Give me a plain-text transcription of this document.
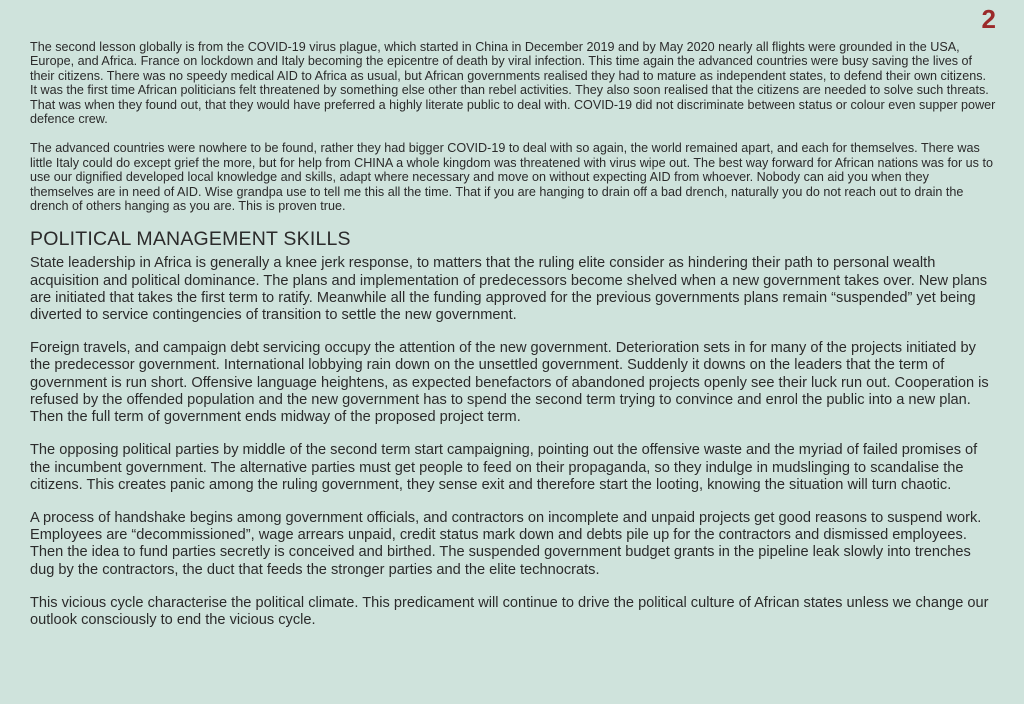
2

The second lesson globally is from the COVID-19 virus plague, which started in China in December 2019 and by May 2020 nearly all flights were grounded in the USA, Europe, and Africa. France on lockdown and Italy becoming the epicentre of death by viral infection. This time again the advanced countries were busy saving the lives of their citizens. There was no speedy medical AID to Africa as usual, but African governments realised they had to mature as independent states, to defend their own citizens. It was the first time African politicians felt threatened by something else other than rebel activities. They also soon realised that the citizens are needed to solve such threats. That was when they found out, that they would have preferred a highly literate public to deal with. COVID-19 did not discriminate between status or colour even supper power defence crew.

The advanced countries were nowhere to be found, rather they had bigger COVID-19 to deal with so again, the world remained apart, and each for themselves. There was little Italy could do except grief the more, but for help from CHINA a whole kingdom was threatened with virus wipe out. The best way forward for African nations was for us to use our dignified developed local knowledge and skills, adapt where necessary and move on without expecting AID from whoever. Nobody can aid you when they themselves are in need of AID. Wise grandpa use to tell me this all the time. That if you are hanging to drain off a bad drench, naturally you do not reach out to drain the drench of others hanging as you are. This is proven true.

POLITICAL MANAGEMENT SKILLS

State leadership in Africa is generally a knee jerk response, to matters that the ruling elite consider as hindering their path to personal wealth acquisition and political dominance. The plans and implementation of predecessors become shelved when a new government takes over. New plans are initiated that takes the first term to ratify. Meanwhile all the funding approved for the previous governments plans remain “suspended” yet being diverted to service contingencies of transition to settle the new government.

Foreign travels, and campaign debt servicing occupy the attention of the new government. Deterioration sets in for many of the projects initiated by the predecessor government. International lobbying rain down on the unsettled government. Suddenly it downs on the leaders that the term of government is run short. Offensive language heightens, as expected benefactors of abandoned projects openly see their luck run out. Cooperation is refused by the offended population and the new government has to spend the second term trying to convince and enrol the public into a new plan. Then the full term of government ends midway of the proposed project term.

The opposing political parties by middle of the second term start campaigning, pointing out the offensive waste and the myriad of failed promises of the incumbent government. The alternative parties must get people to feed on their propaganda, so they indulge in mudslinging to scandalise the citizens. This creates panic among the ruling government, they sense exit and therefore start the looting, knowing the situation will turn chaotic.

A process of handshake begins among government officials, and contractors on incomplete and unpaid projects get good reasons to suspend work. Employees are “decommissioned”, wage arrears unpaid, credit status mark down and debts pile up for the contractors and dismissed employees. Then the idea to fund parties secretly is conceived and birthed. The suspended government budget grants in the pipeline leak slowly into trenches dug by the contractors, the duct that feeds the stronger parties and the elite technocrats.

This vicious cycle characterise the political climate. This predicament will continue to drive the political culture of African states unless we change our outlook consciously to end the vicious cycle.
